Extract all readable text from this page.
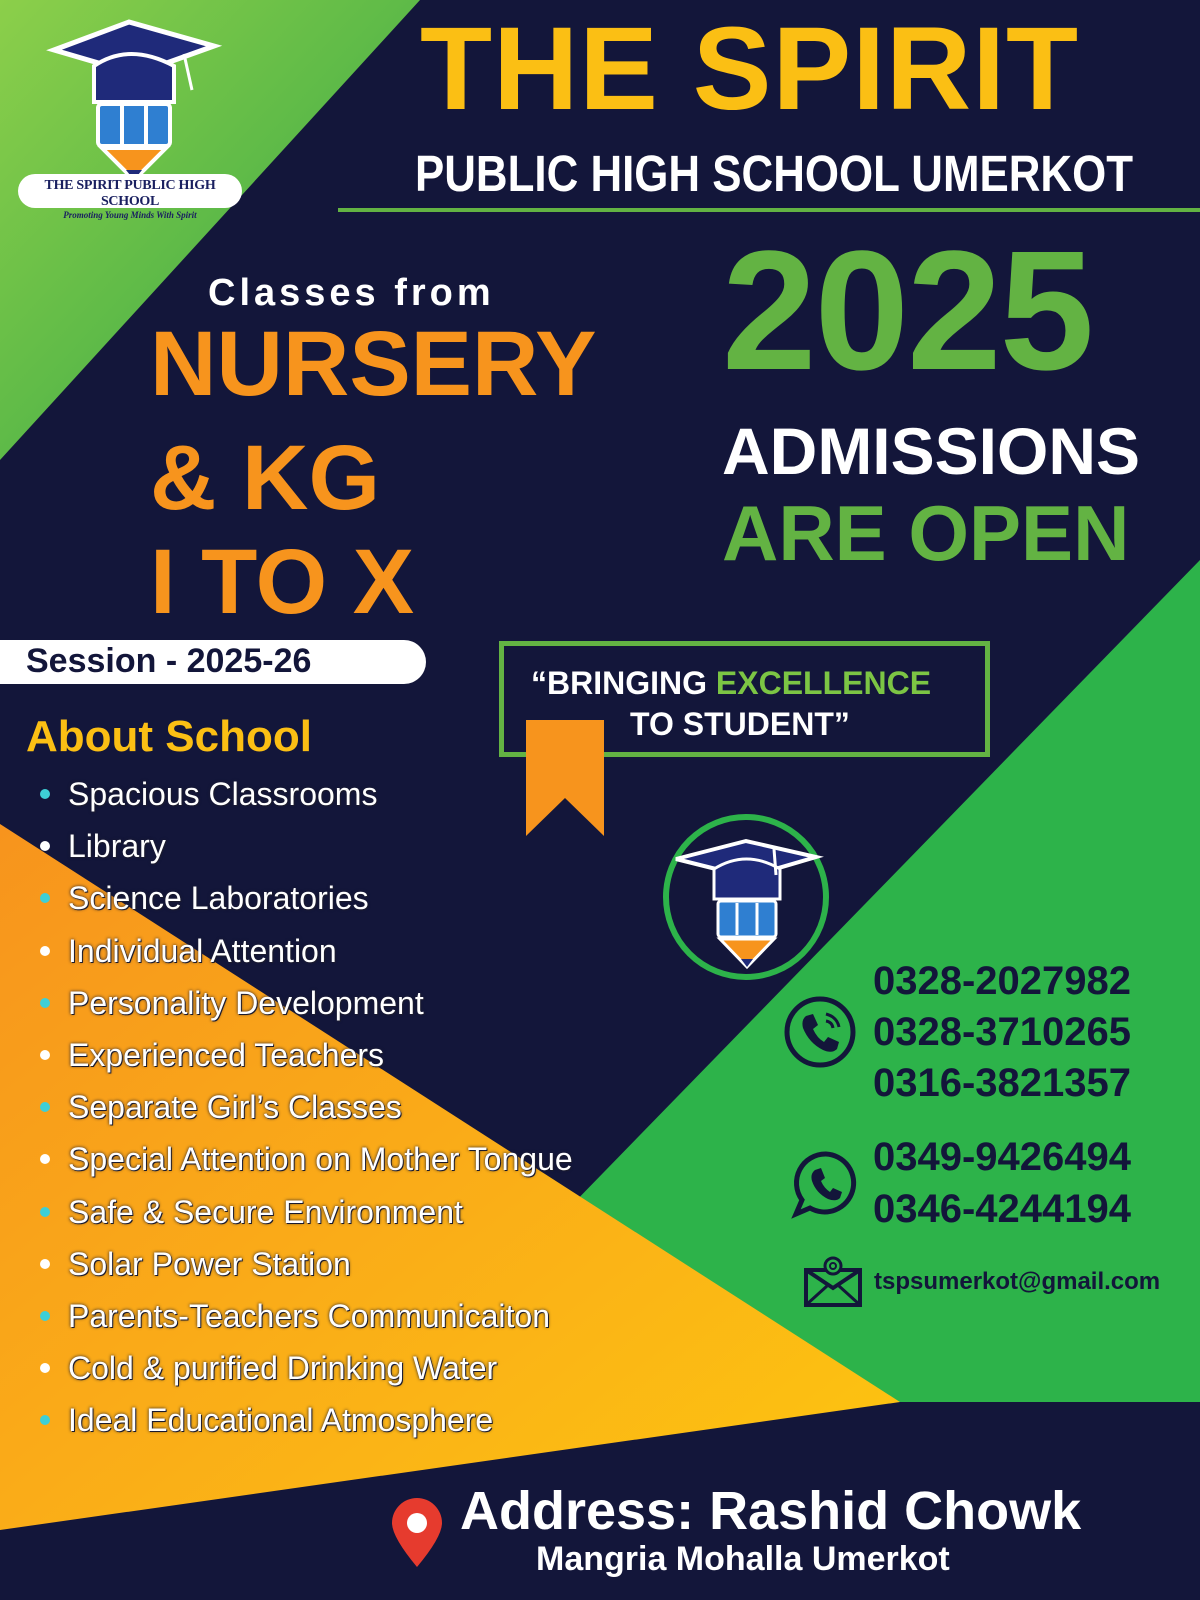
THE SPIRIT PUBLIC HIGH SCHOOL
Promoting Young Minds With Spirit
THE SPIRIT
PUBLIC HIGH SCHOOL UMERKOT
Classes from
NURSERY
& KG
I TO X
2025
ADMISSIONS
ARE OPEN
Session - 2025-26
“BRINGING EXCELLENCE
TO STUDENT”
About School
Spacious Classrooms
Library
Science Laboratories
Individual Attention
Personality Development
Experienced Teachers
Separate Girl’s Classes
Special Attention on Mother Tongue
Safe & Secure Environment
Solar Power Station
Parents-Teachers Communicaiton
Cold & purified Drinking Water
Ideal Educational Atmosphere
0328-2027982
0328-3710265
0316-3821357
0349-9426494
0346-4244194
tspsumerkot@gmail.com
Address: Rashid Chowk
Mangria Mohalla Umerkot
